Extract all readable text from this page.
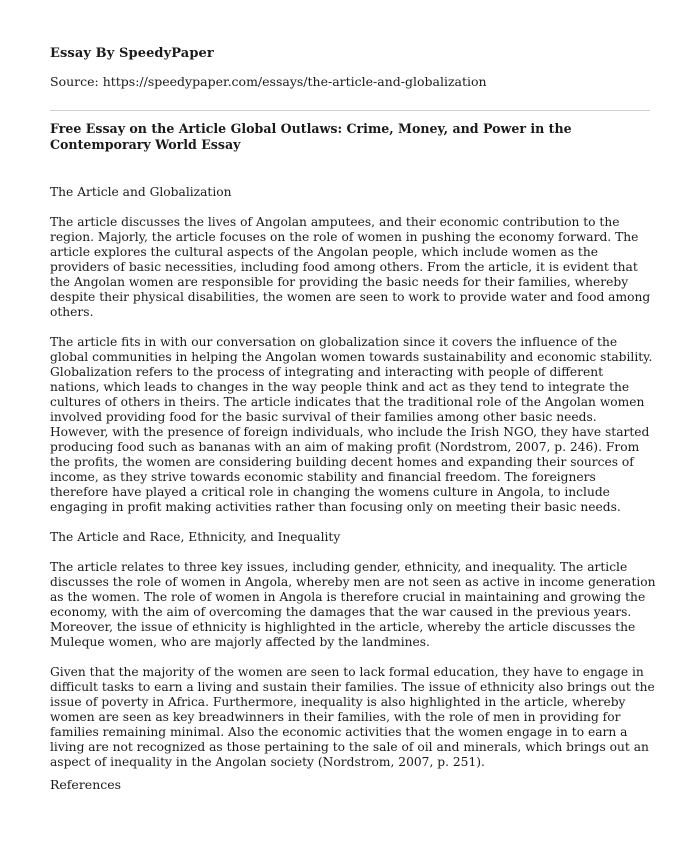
Essay By SpeedyPaper
Source: https://speedypaper.com/essays/the-article-and-globalization
Free Essay on the Article Global Outlaws: Crime, Money, and Power in the Contemporary World Essay

The Article and Globalization

The article discusses the lives of Angolan amputees, and their economic contribution to the region. Majorly, the article focuses on the role of women in pushing the economy forward. The article explores the cultural aspects of the Angolan people, which include women as the providers of basic necessities, including food among others. From the article, it is evident that the Angolan women are responsible for providing the basic needs for their families, whereby despite their physical disabilities, the women are seen to work to provide water and food among others.

The article fits in with our conversation on globalization since it covers the influence of the global communities in helping the Angolan women towards sustainability and economic stability. Globalization refers to the process of integrating and interacting with people of different nations, which leads to changes in the way people think and act as they tend to integrate the cultures of others in theirs. The article indicates that the traditional role of the Angolan women involved providing food for the basic survival of their families among other basic needs. However, with the presence of foreign individuals, who include the Irish NGO, they have started producing food such as bananas with an aim of making profit (Nordstrom, 2007, p. 246). From the profits, the women are considering building decent homes and expanding their sources of income, as they strive towards economic stability and financial freedom. The foreigners therefore have played a critical role in changing the womens culture in Angola, to include engaging in profit making activities rather than focusing only on meeting their basic needs.

The Article and Race, Ethnicity, and Inequality

The article relates to three key issues, including gender, ethnicity, and inequality. The article discusses the role of women in Angola, whereby men are not seen as active in income generation as the women. The role of women in Angola is therefore crucial in maintaining and growing the economy, with the aim of overcoming the damages that the war caused in the previous years. Moreover, the issue of ethnicity is highlighted in the article, whereby the article discusses the Muleque women, who are majorly affected by the landmines.

Given that the majority of the women are seen to lack formal education, they have to engage in difficult tasks to earn a living and sustain their families. The issue of ethnicity also brings out the issue of poverty in Africa. Furthermore, inequality is also highlighted in the article, whereby women are seen as key breadwinners in their families, with the role of men in providing for families remaining minimal. Also the economic activities that the women engage in to earn a living are not recognized as those pertaining to the sale of oil and minerals, which brings out an aspect of inequality in the Angolan society (Nordstrom, 2007, p. 251).

References
